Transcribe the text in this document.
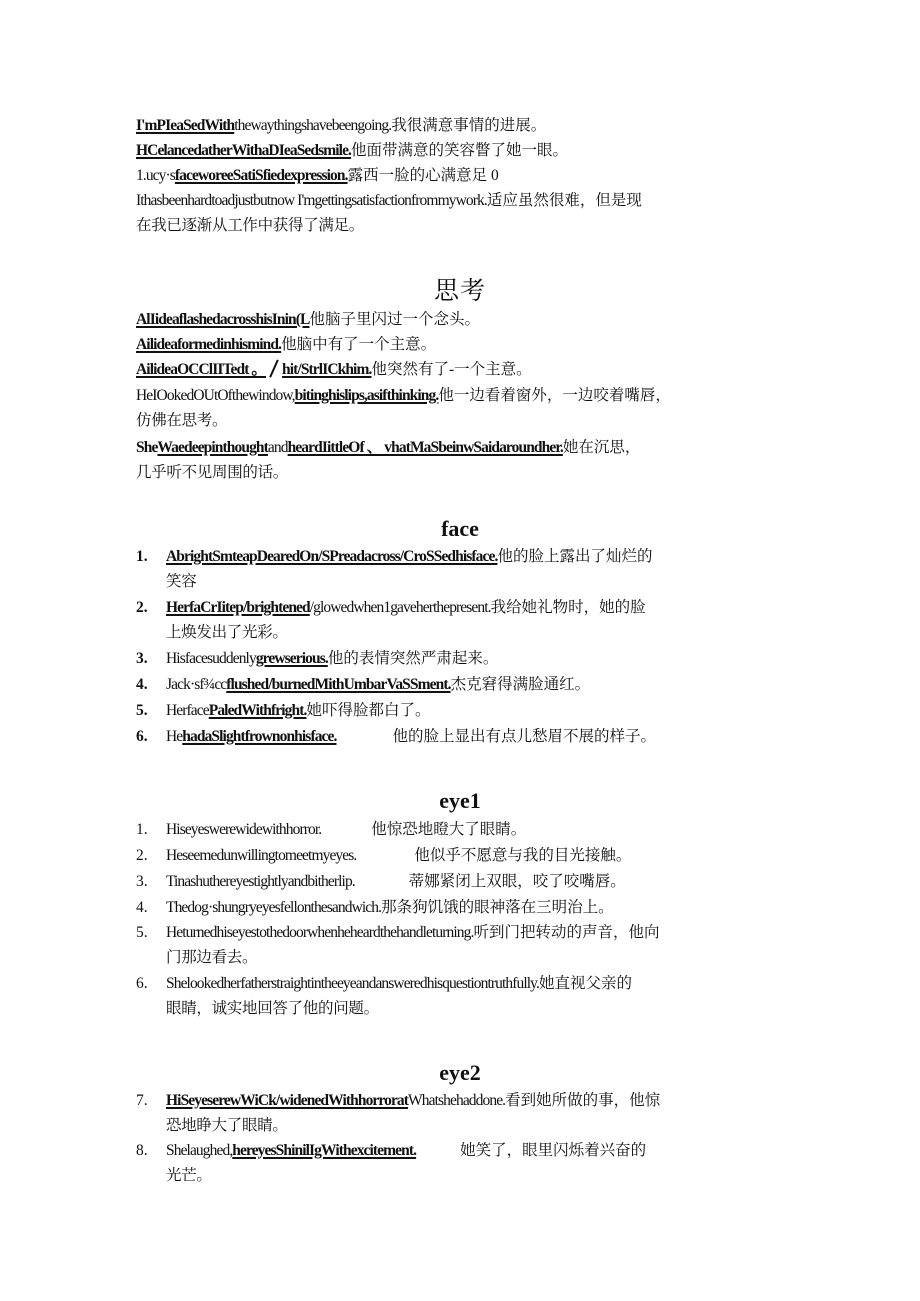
I'mPIeaSedWiththewaythingshavebeengoing.我很满意事情的进展。
HCelancedatherWithaDIeaSedsmile.他面带满意的笑容瞥了她一眼。
1.ucy·sfaceworeeSatiSfiedexpression.露西一脸的心满意足 0
Ithasbeenhardtoadjustbutnow I'mgettingsatisfactionfrommywork.适应虽然很难，但是现
在我已逐渐从工作中获得了满足。
思考
AlIideaflashedacrosshisInin(L他脑子里闪过一个念头。
Ailideaformedinhismind.他脑中有了一个主意。
AilideaOCClIITedt 。 hit/StrlICkhim.他突然有了-一个主意。
HeIOokedOUtOfthewindow,bitinghislips,asifthinking.他一边看着窗外，一边咬着嘴唇，
仿佛在思考。
SheWaedeepinthoughtandheardIittleOf 、 vhatMaSbeinwSaidaroundher.她在沉思，
几乎听不见周围的话。
face
1. AbrightSmteapDearedOn/SPreadacross/CroSSedhisface.他的脸上露出了灿烂的
笑容
2. HerfaCrIitep/brightened/glowedwhen1gaveherthepresent.我给她礼物时，她的脸
上焕发出了光彩。
3. Hisfacesuddenlygrewserious.他的表情突然严肃起来。
4. Jack·sf¾ccflushed/burnedMithUmbarVaSSment.杰克窘得满脸通红。
5. HerfacePaledWithfright.她吓得脸都白了。
6. HehadaSlightfrownonhisface.	他的脸上显出有点儿愁眉不展的样子。
eye1
1. Hiseyeswerewidewithhorror.	他惊恐地瞪大了眼睛。
2. Heseemedunwillingtomeetmyeyes.	他似乎不愿意与我的目光接触。
3. Tinashuthereyestightlyandbitherlip.	蒂娜紧闭上双眼，咬了咬嘴唇。
4. Thedog·shungryeyesfellonthesandwich.那条狗饥饿的眼神落在三明治上。
5. Heturnedhiseyestothedoorwhenheheardthehandleturning.听到门把转动的声音，他向
门那边看去。
6. Shelookedherfatherstraightintheeyeandansweredhisquestiontruthfully.她直视父亲的
眼睛，诚实地回答了他的问题。
eye2
7. HiSeyeserewWiCk/widenedWithhorroratWhatshehaddone.看到她所做的事，他惊
恐地睁大了眼睛。
8. Shelaughed,hereyesShinilIgWithexcitement.	她笑了，眼里闪烁着兴奋的
光芒。
